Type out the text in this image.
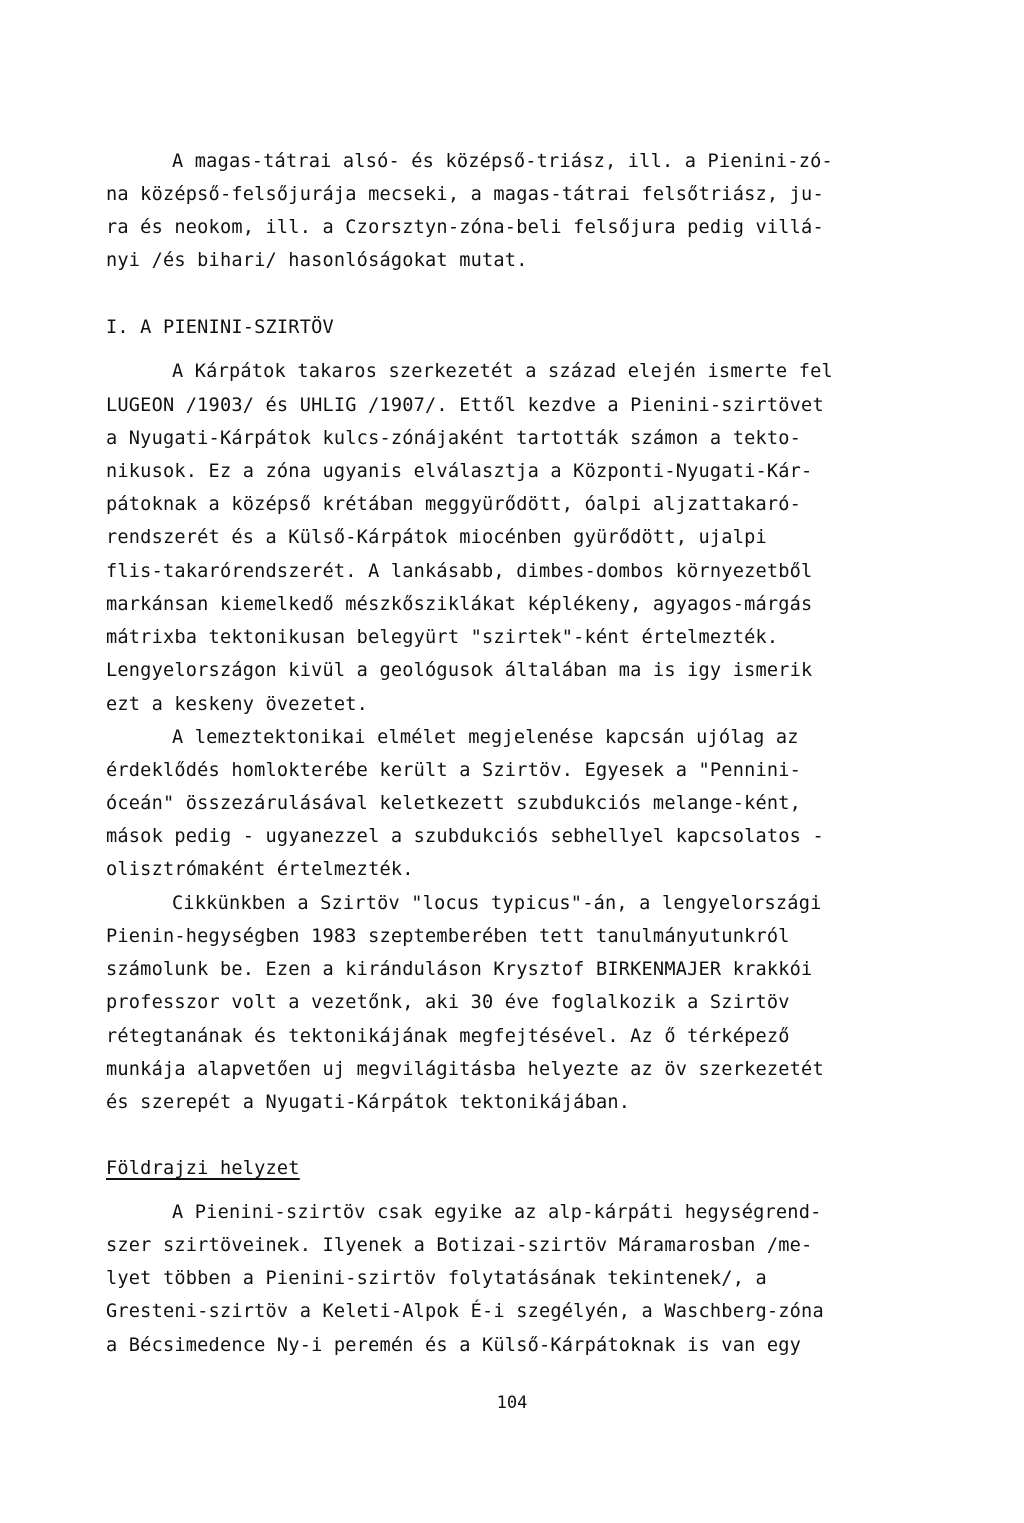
A magas-tátrai alsó- és középső-triász, ill. a Pienini-zó-
na középső-felsőjurája mecseki, a magas-tátrai felsőtriász, ju-
ra és neokom, ill. a Czorsztyn-zóna-beli felsőjura pedig villá-
nyi /és bihari/ hasonlóságokat mutat.
I. A PIENINI-SZIRTÖV
A Kárpátok takaros szerkezetét a század elején ismerte fel
LUGEON /1903/ és UHLIG /1907/. Ettől kezdve a Pienini-szirtövet
a Nyugati-Kárpátok kulcs-zónájaként tartották számon a tekto-
nikusok. Ez a zóna ugyanis elválasztja a Központi-Nyugati-Kár-
pátoknak a középső krétában meggyürődött, óalpi aljzattakaró-
rendszerét és a Külső-Kárpátok miocénben gyürődött, ujalpi
flis-takarórendszerét. A lankásabb, dimbes-dombos környezetből
markánsan kiemelkedő mészkősziklákat képlékeny, agyagos-márgás
mátrixba tektonikusan belegyürt "szirtek"-ként értelmezték.
Lengyelországon kivül a geológusok általában ma is igy ismerik
ezt a keskeny övezetet.
A lemeztektonikai elmélet megjelenése kapcsán ujólag az
érdeklődés homlokterébe került a Szirtöv. Egyesek a "Pennini-
óceán" összezárulásával keletkezett szubdukciós melange-ként,
mások pedig - ugyanezzel a szubdukciós sebhellyel kapcsolatos -
olisztrómaként értelmezték.
Cikkünkben a Szirtöv "locus typicus"-án, a lengyelországi
Pienin-hegységben 1983 szeptemberében tett tanulmányutunkról
számolunk be. Ezen a kiránduláson Krysztof BIRKENMAJER krakkói
professzor volt a vezetőnk, aki 30 éve foglalkozik a Szirtöv
rétegtanának és tektonikájának megfejtésével. Az ő térképező
munkája alapvetően uj megvilágitásba helyezte az öv szerkezetét
és szerepét a Nyugati-Kárpátok tektonikájában.
Földrajzi helyzet
A Pienini-szirtöv csak egyike az alp-kárpáti hegységrend-
szer szirtöveinek. Ilyenek a Botizai-szirtöv Máramarosban /me-
lyet többen a Pienini-szirtöv folytatásának tekintenek/, a
Gresteni-szirtöv a Keleti-Alpok É-i szegélyén, a Waschberg-zóna
a Bécsimedence Ny-i peremén és a Külső-Kárpátoknak is van egy
104
